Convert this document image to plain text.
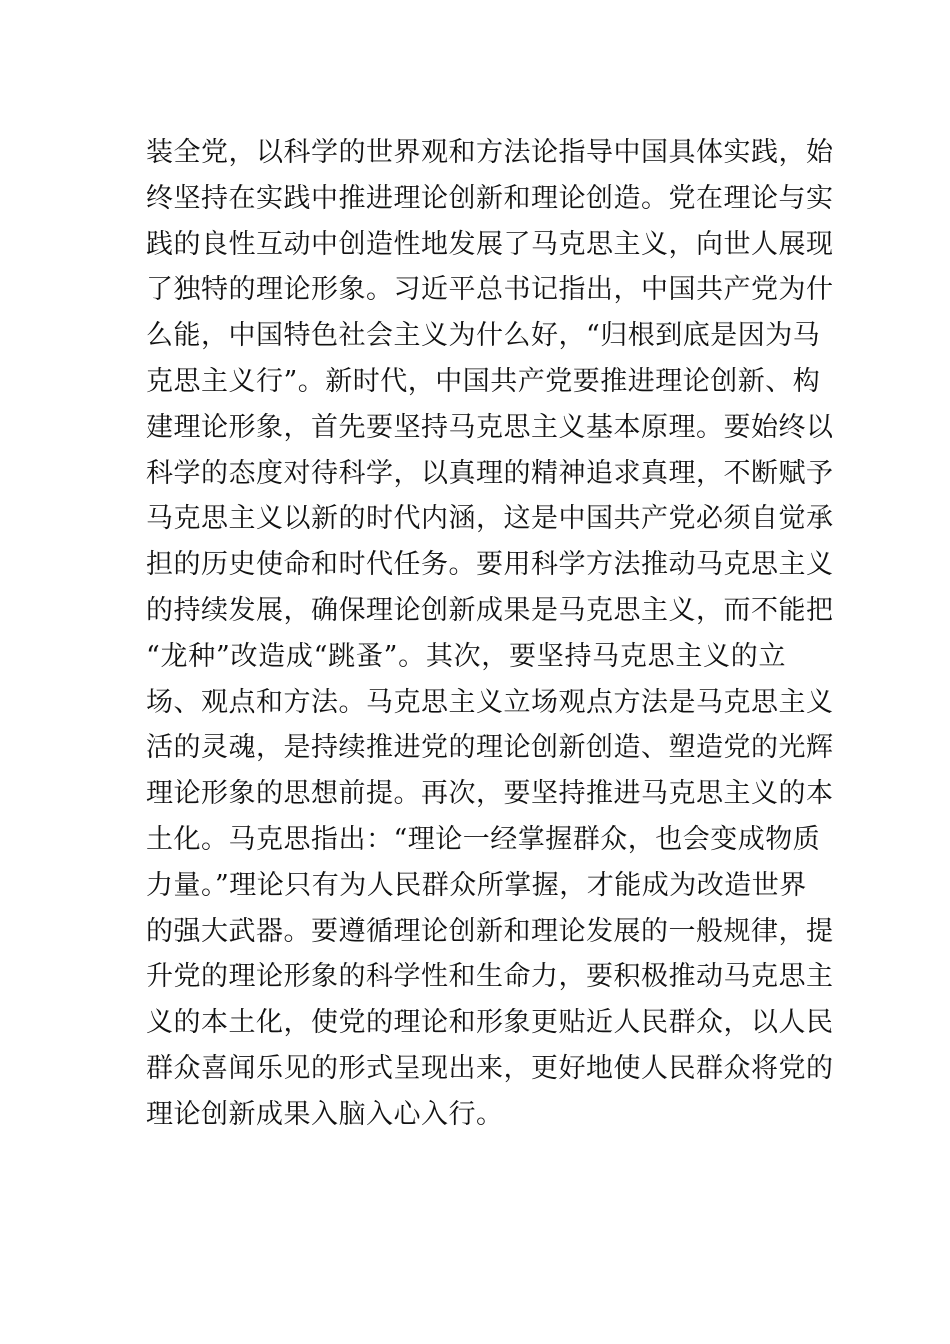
装全党，以科学的世界观和方法论指导中国具体实践，始
终坚持在实践中推进理论创新和理论创造。党在理论与实
践的良性互动中创造性地发展了马克思主义，向世人展现
了独特的理论形象。习近平总书记指出，中国共产党为什
么能，中国特色社会主义为什么好，“归根到底是因为马
克思主义行”。新时代，中国共产党要推进理论创新、构
建理论形象，首先要坚持马克思主义基本原理。要始终以
科学的态度对待科学，以真理的精神追求真理，不断赋予
马克思主义以新的时代内涵，这是中国共产党必须自觉承
担的历史使命和时代任务。要用科学方法推动马克思主义
的持续发展，确保理论创新成果是马克思主义，而不能把
“龙种”改造成“跳蚤”。其次，要坚持马克思主义的立
场、观点和方法。马克思主义立场观点方法是马克思主义
活的灵魂，是持续推进党的理论创新创造、塑造党的光辉
理论形象的思想前提。再次，要坚持推进马克思主义的本
土化。马克思指出：“理论一经掌握群众，也会变成物质
力量。”理论只有为人民群众所掌握，才能成为改造世界
的强大武器。要遵循理论创新和理论发展的一般规律，提
升党的理论形象的科学性和生命力，要积极推动马克思主
义的本土化，使党的理论和形象更贴近人民群众，以人民
群众喜闻乐见的形式呈现出来，更好地使人民群众将党的
理论创新成果入脑入心入行。
